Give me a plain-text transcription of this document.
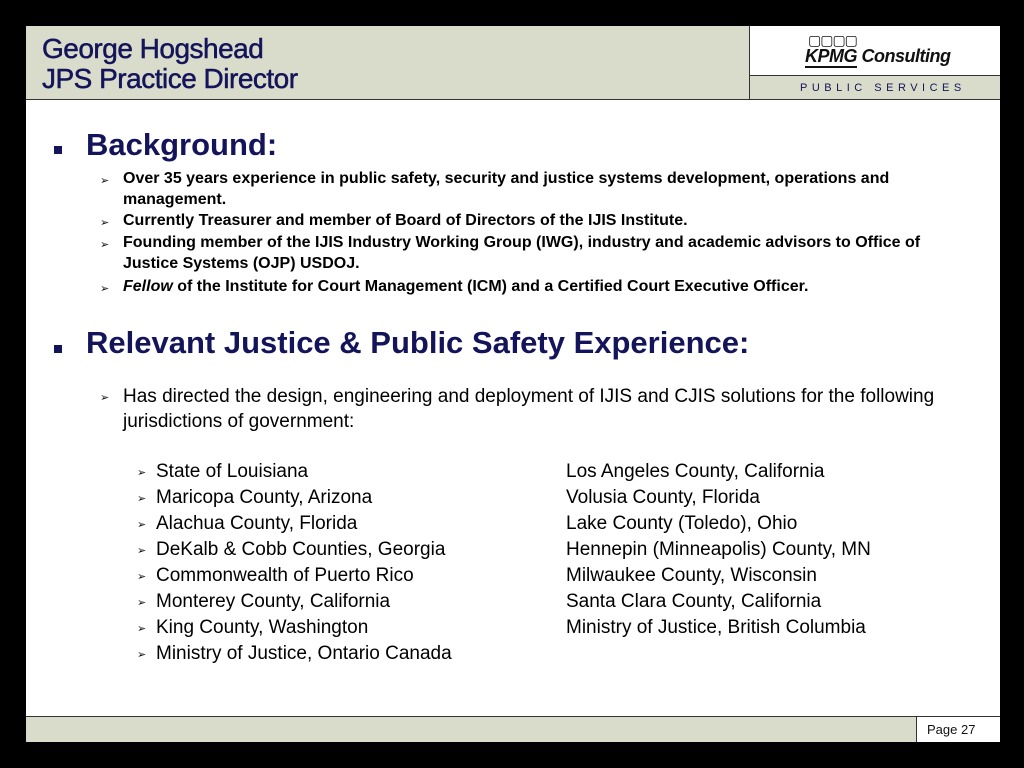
George Hogshead
JPS Practice Director
▢▢▢▢
KPMG Consulting
PUBLIC SERVICES
Background:
➢ Over 35 years experience in public safety, security and justice systems development, operations and management.
➢ Currently Treasurer and member of Board of Directors of the IJIS Institute.
➢ Founding member of the IJIS Industry Working Group (IWG), industry and academic advisors to Office of Justice Systems (OJP) USDOJ.
➢ Fellow of the Institute for Court Management (ICM) and a Certified Court Executive Officer.
Relevant Justice & Public Safety Experience:
➢ Has directed the design, engineering and deployment of IJIS and CJIS solutions for the following jurisdictions of government:
➢ State of Louisiana
➢ Maricopa County, Arizona
➢ Alachua County, Florida
➢ DeKalb & Cobb Counties, Georgia
➢ Commonwealth of Puerto Rico
➢ Monterey County, California
➢ King County, Washington
➢ Ministry of Justice, Ontario Canada
Los Angeles County, California
Volusia County, Florida
Lake County (Toledo), Ohio
Hennepin (Minneapolis) County, MN
Milwaukee County, Wisconsin
Santa Clara County, California
Ministry of Justice, British Columbia
Page 27
